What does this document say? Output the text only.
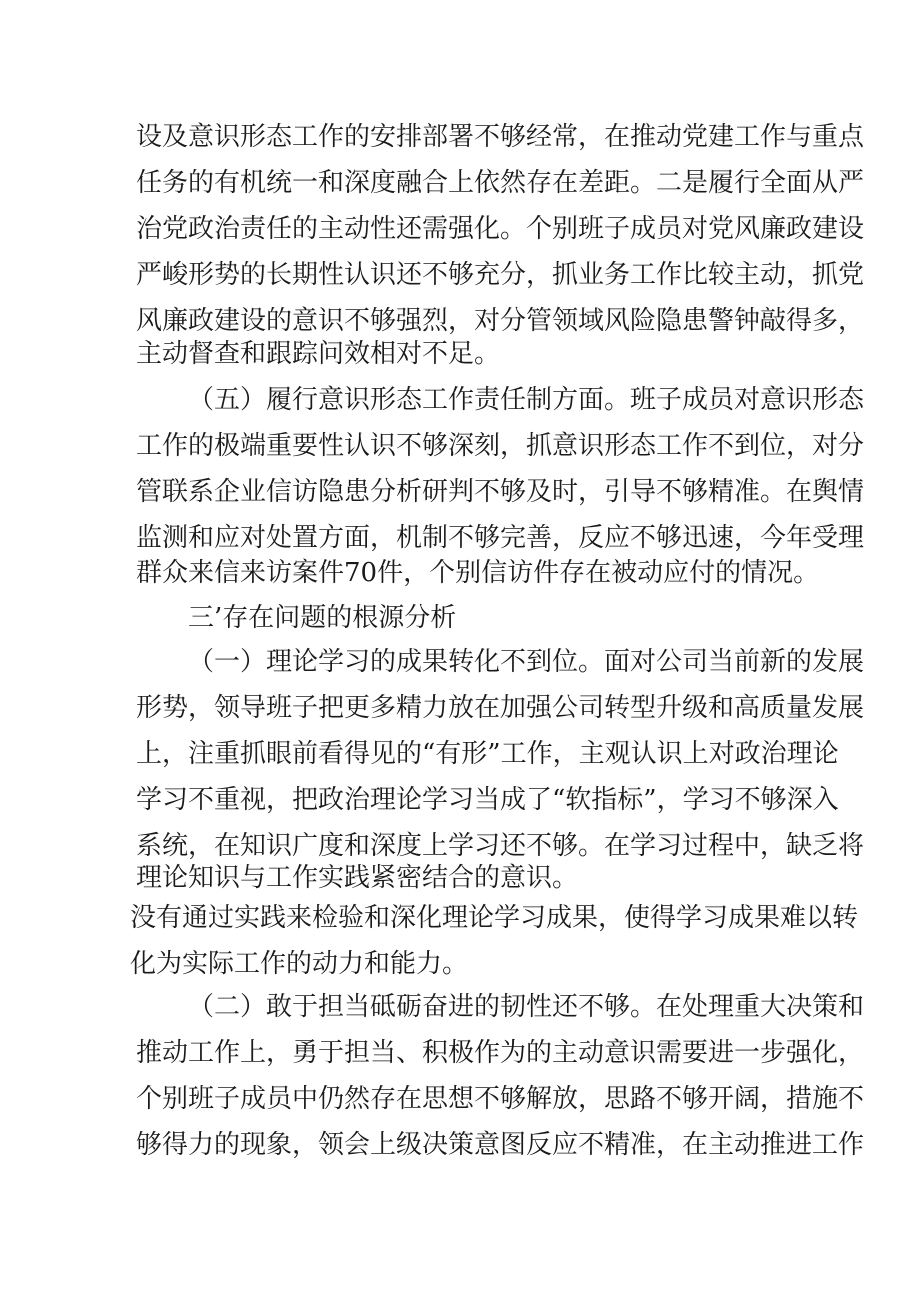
设及意识形态工作的安排部署不够经常，在推动党建工作与重点
任务的有机统一和深度融合上依然存在差距。二是履行全面从严
治党政治责任的主动性还需强化。个别班子成员对党风廉政建设
严峻形势的长期性认识还不够充分，抓业务工作比较主动，抓党
风廉政建设的意识不够强烈，对分管领域风险隐患警钟敲得多，
主动督查和跟踪问效相对不足。
（五）履行意识形态工作责任制方面。班子成员对意识形态
工作的极端重要性认识不够深刻，抓意识形态工作不到位，对分
管联系企业信访隐患分析研判不够及时，引导不够精准。在舆情
监测和应对处置方面，机制不够完善，反应不够迅速，今年受理
群众来信来访案件70件，个别信访件存在被动应付的情况。
三’存在问题的根源分析
（一）理论学习的成果转化不到位。面对公司当前新的发展
形势，领导班子把更多精力放在加强公司转型升级和高质量发展
上，注重抓眼前看得见的“有形”工作，主观认识上对政治理论
学习不重视，把政治理论学习当成了“软指标”，学习不够深入
系统，在知识广度和深度上学习还不够。在学习过程中，缺乏将
理论知识与工作实践紧密结合的意识。
没有通过实践来检验和深化理论学习成果，使得学习成果难以转
化为实际工作的动力和能力。
（二）敢于担当砥砺奋进的韧性还不够。在处理重大决策和
推动工作上，勇于担当、积极作为的主动意识需要进一步强化，
个别班子成员中仍然存在思想不够解放，思路不够开阔，措施不
够得力的现象，领会上级决策意图反应不精准，在主动推进工作
